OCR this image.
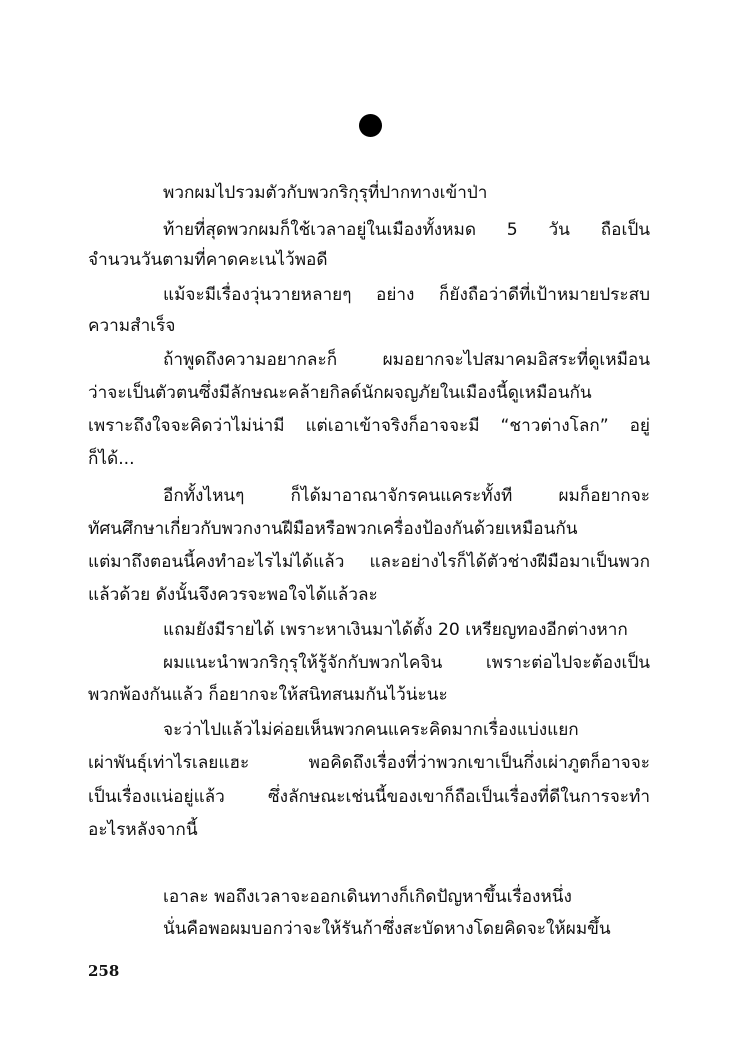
พวกผมไปรวมตัวกับพวกริกุรุที่ปากทางเข้าป่า
ท้ายที่สุดพวกผมก็ใช้เวลาอยู่ในเมืองทั้งหมด 5 วัน ถือเป็น
จำนวนวันตามที่คาดคะเนไว้พอดี
แม้จะมีเรื่องวุ่นวายหลายๆ อย่าง ก็ยังถือว่าดีที่เป้าหมายประสบ
ความสำเร็จ
ถ้าพูดถึงความอยากละก็ ผมอยากจะไปสมาคมอิสระที่ดูเหมือน
ว่าจะเป็นตัวตนซึ่งมีลักษณะคล้ายกิลด์นักผจญภัยในเมืองนี้ดูเหมือนกัน
เพราะถึงใจจะคิดว่าไม่น่ามี แต่เอาเข้าจริงก็อาจจะมี “ชาวต่างโลก” อยู่
ก็ได้...
อีกทั้งไหนๆ ก็ได้มาอาณาจักรคนแคระทั้งที ผมก็อยากจะ
ทัศนศึกษาเกี่ยวกับพวกงานฝีมือหรือพวกเครื่องป้องกันด้วยเหมือนกัน
แต่มาถึงตอนนี้คงทำอะไรไม่ได้แล้ว และอย่างไรก็ได้ตัวช่างฝีมือมาเป็นพวก
แล้วด้วย ดังนั้นจึงควรจะพอใจได้แล้วละ
แถมยังมีรายได้ เพราะหาเงินมาได้ตั้ง 20 เหรียญทองอีกต่างหาก
ผมแนะนำพวกริกุรุให้รู้จักกับพวกไคจิน เพราะต่อไปจะต้องเป็น
พวกพ้องกันแล้ว ก็อยากจะให้สนิทสนมกันไว้น่ะนะ
จะว่าไปแล้วไม่ค่อยเห็นพวกคนแคระคิดมากเรื่องแบ่งแยก
เผ่าพันธุ์เท่าไรเลยแฮะ พอคิดถึงเรื่องที่ว่าพวกเขาเป็นกึ่งเผ่าภูตก็อาจจะ
เป็นเรื่องแน่อยู่แล้ว ซึ่งลักษณะเช่นนี้ของเขาก็ถือเป็นเรื่องที่ดีในการจะทำ
อะไรหลังจากนี้
เอาละ พอถึงเวลาจะออกเดินทางก็เกิดปัญหาขึ้นเรื่องหนึ่ง
นั่นคือพอผมบอกว่าจะให้รันก้าซึ่งสะบัดหางโดยคิดจะให้ผมขึ้น
258
